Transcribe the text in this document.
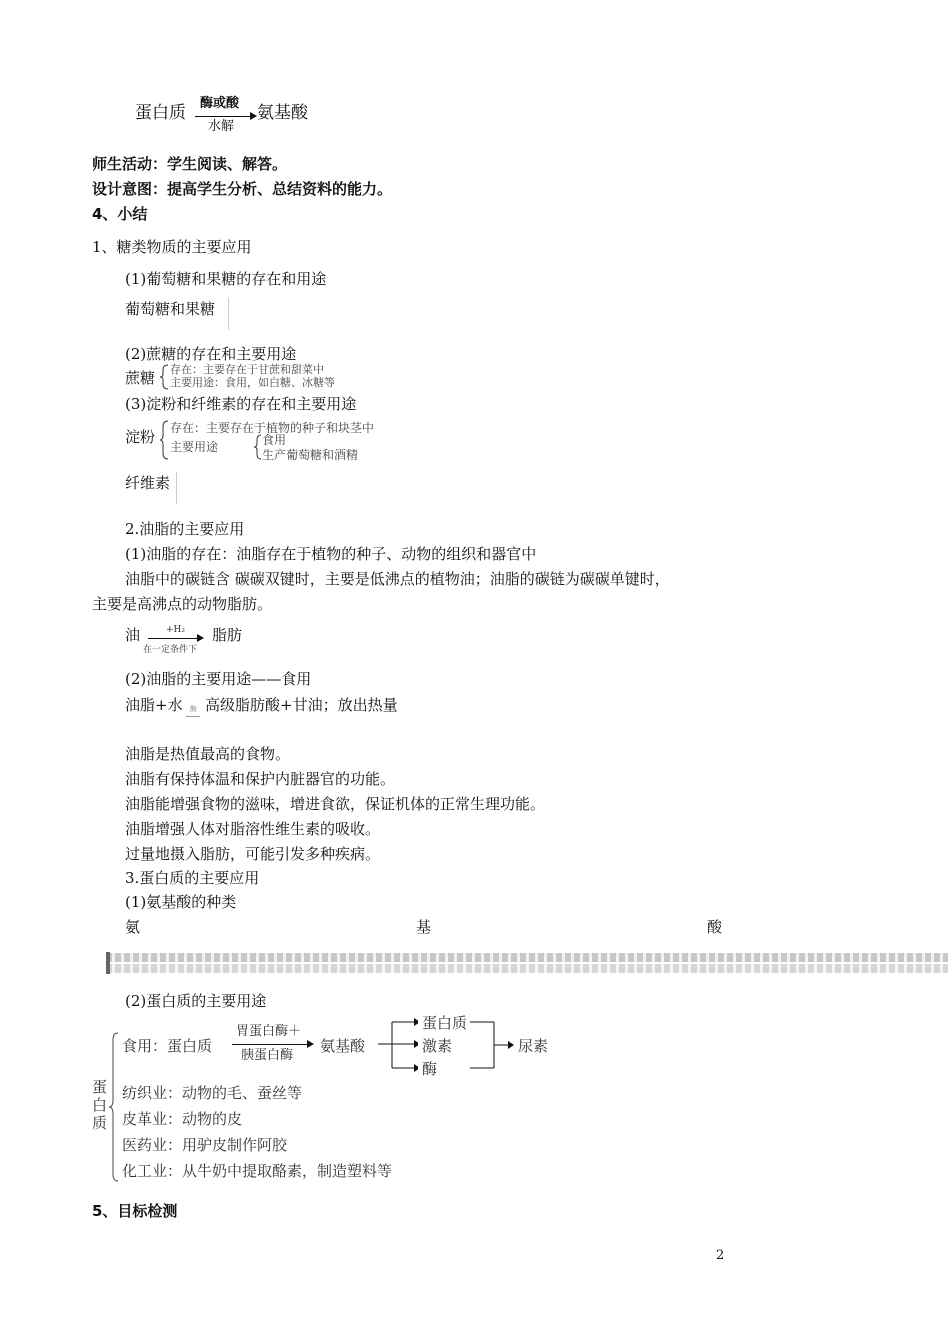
蛋白质 酶或酸
水解
氨基酸
师生活动：学生阅读、解答。
设计意图：提高学生分析、总结资料的能力。
4、小结
1、糖类物质的主要应用
(1)葡萄糖和果糖的存在和用途
葡萄糖和果糖
(2)蔗糖的存在和主要用途
蔗糖 存在：主要存在于甘蔗和甜菜中
主要用途：食用，如白糖、冰糖等
(3)淀粉和纤维素的存在和主要用途
淀粉 存在：主要存在于植物的种子和块茎中
主要用途	食用
生产葡萄糖和酒精
纤维素
2.油脂的主要应用
(1)油脂的存在：油脂存在于植物的种子、动物的组织和器官中
油脂中的碳链含 碳碳双键时，主要是低沸点的植物油；油脂的碳链为碳碳单键时，
主要是高沸点的动物脂肪。
油	+H₂
在一定条件下
脂肪
(2)油脂的主要用途——食用
油脂+水 酶 高级脂肪酸+甘油；放出热量
油脂是热值最高的食物。
油脂有保持体温和保护内脏器官的功能。
油脂能增强食物的滋味，增进食欲，保证机体的正常生理功能。
油脂增强人体对脂溶性维生素的吸收。
过量地摄入脂肪，可能引发多种疾病。
3.蛋白质的主要应用
(1)氨基酸的种类
氨	基	酸
(2)蛋白质的主要用途
蛋
白
质
食用：蛋白质
胃蛋白酶＋
胰蛋白酶
氨基酸
蛋白质
激素
酶
尿素
纺织业：动物的毛、蚕丝等
皮革业：动物的皮
医药业：用驴皮制作阿胶
化工业：从牛奶中提取酪素，制造塑料等
5、目标检测
2
